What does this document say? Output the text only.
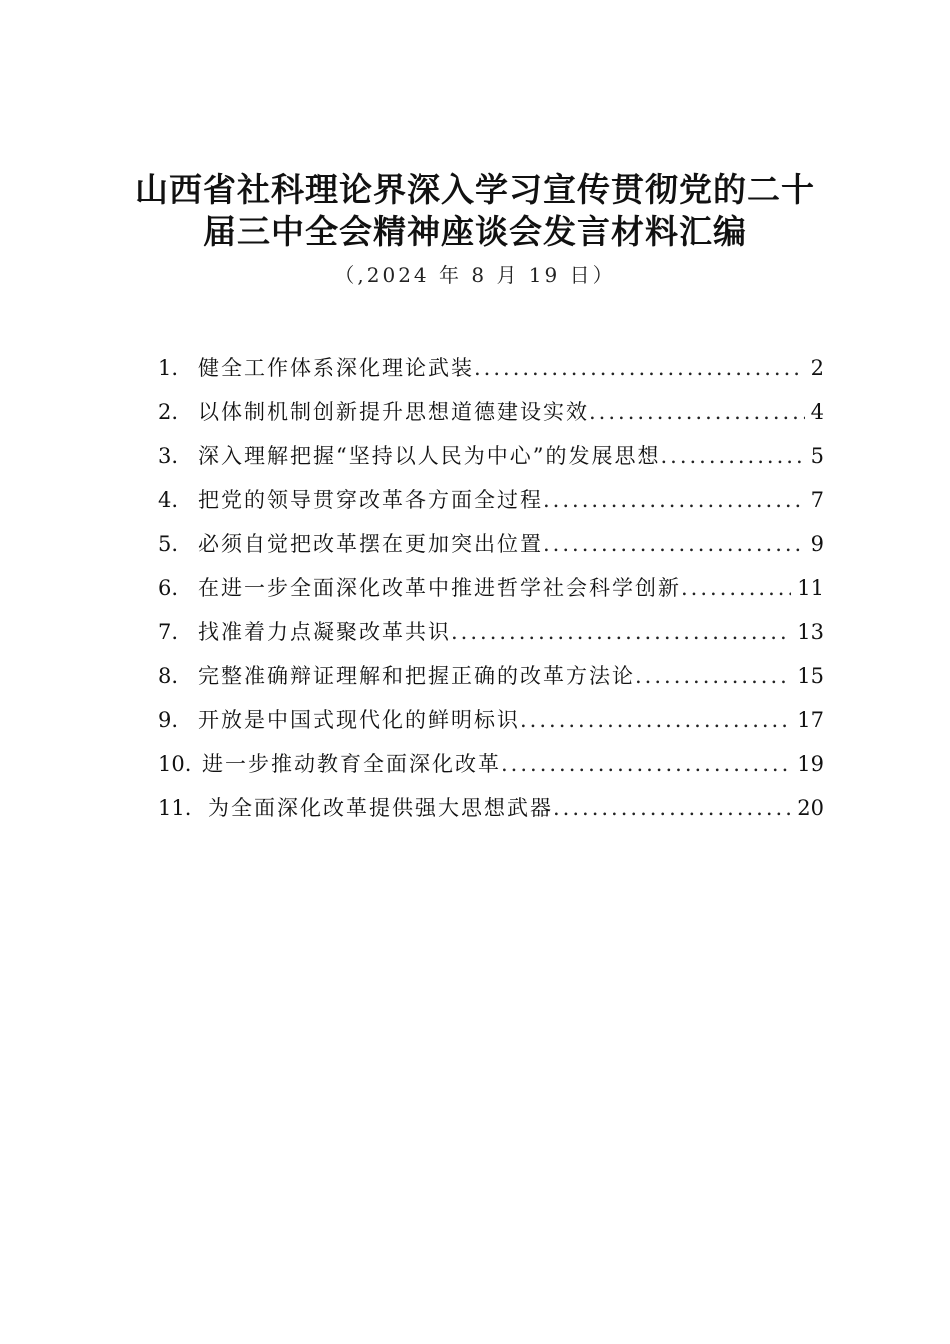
山西省社科理论界深入学习宣传贯彻党的二十
届三中全会精神座谈会发言材料汇编
（,2024 年 8 月 19 日）
1. 健全工作体系深化理论武装 .....	2
2. 以体制机制创新提升思想道德建设实效 .....	4
3. 深入理解把握“坚持以人民为中心”的发展思想 .....	5
4. 把党的领导贯穿改革各方面全过程 .....	7
5. 必须自觉把改革摆在更加突出位置 .....	9
6. 在进一步全面深化改革中推进哲学社会科学创新 .....	11
7. 找准着力点凝聚改革共识 .....	13
8. 完整准确辩证理解和把握正确的改革方法论 .....	15
9. 开放是中国式现代化的鲜明标识 .....	17
10. 进一步推动教育全面深化改革 .....	19
11. 为全面深化改革提供强大思想武器 .....	20
